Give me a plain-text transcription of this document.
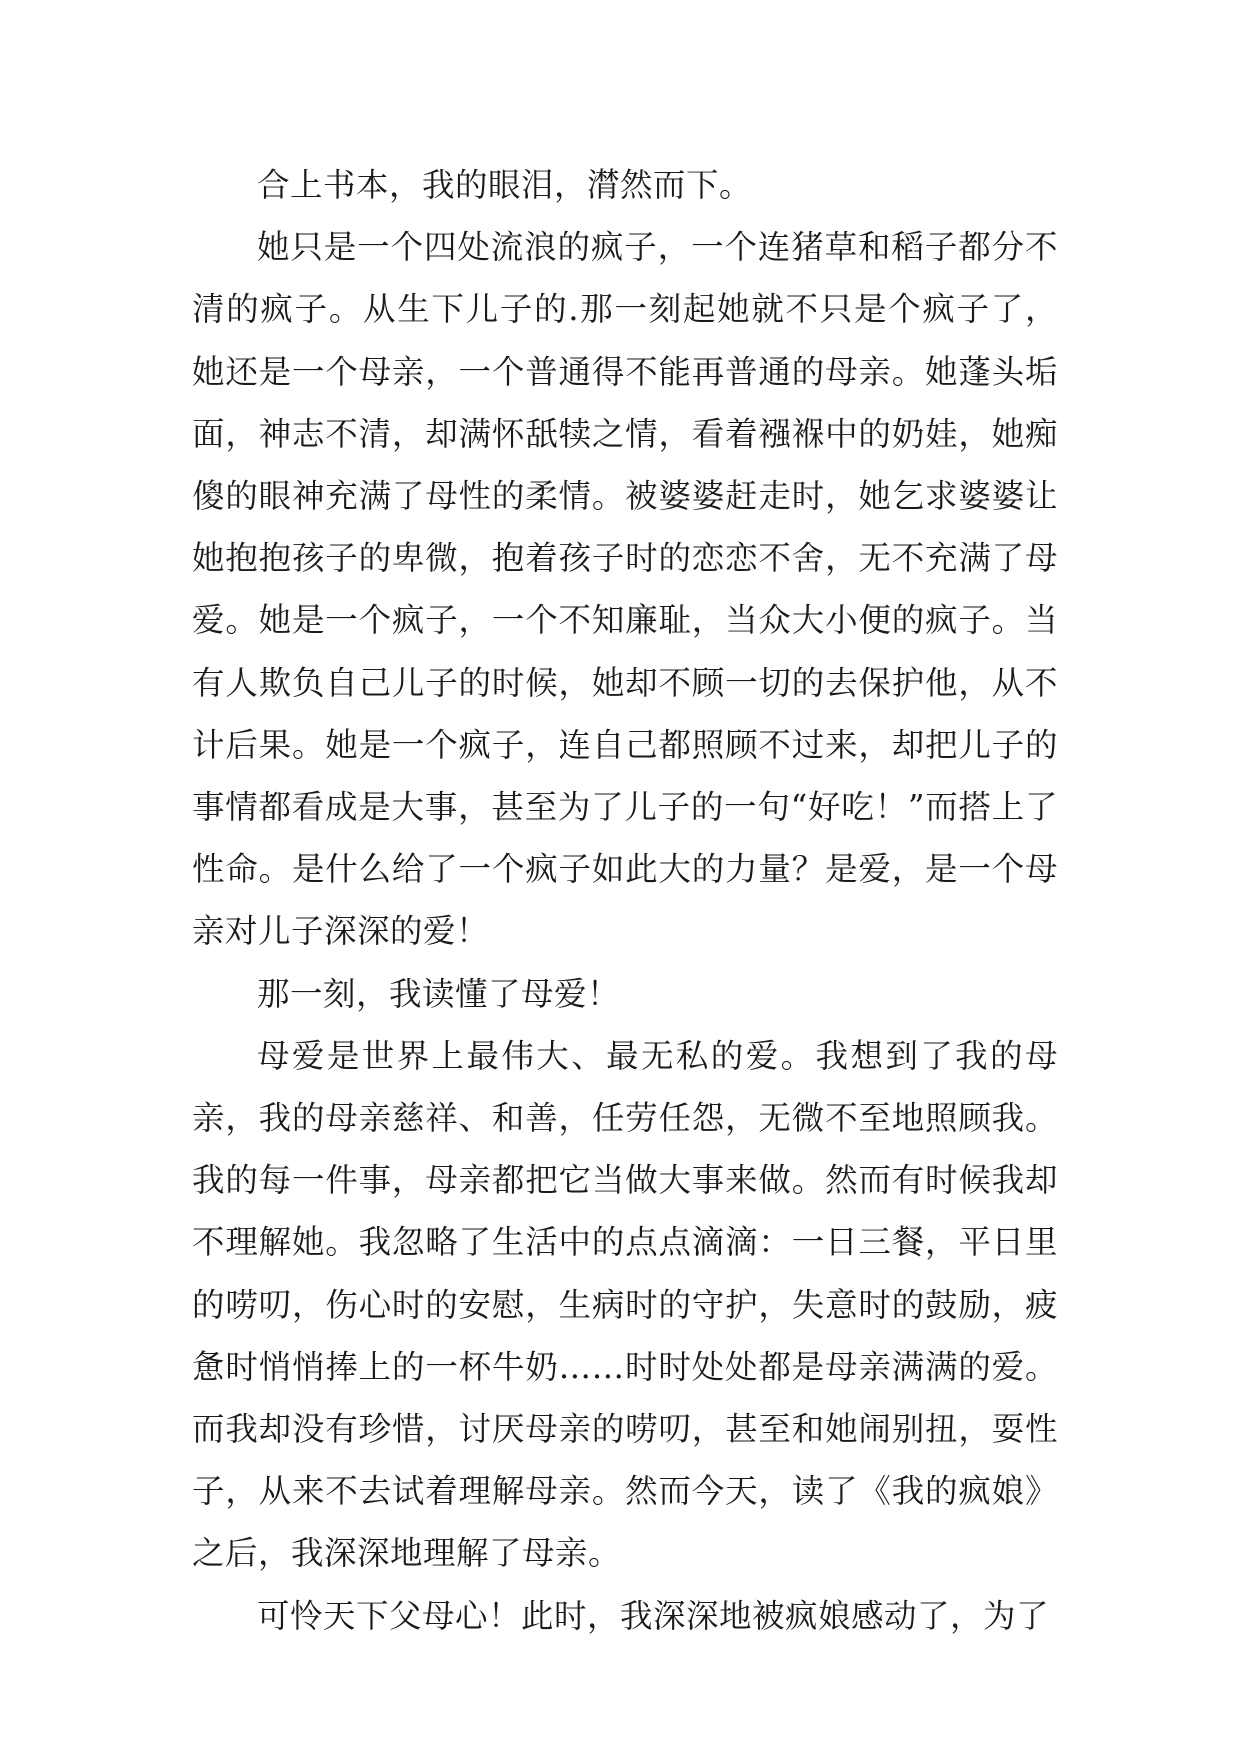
合上书本，我的眼泪，潸然而下。

她只是一个四处流浪的疯子，一个连猪草和稻子都分不清的疯子。从生下儿子的.那一刻起她就不只是个疯子了，她还是一个母亲，一个普通得不能再普通的母亲。她蓬头垢面，神志不清，却满怀舐犊之情，看着襁褓中的奶娃，她痴傻的眼神充满了母性的柔情。被婆婆赶走时，她乞求婆婆让她抱抱孩子的卑微，抱着孩子时的恋恋不舍，无不充满了母爱。她是一个疯子，一个不知廉耻，当众大小便的疯子。当有人欺负自己儿子的时候，她却不顾一切的去保护他，从不计后果。她是一个疯子，连自己都照顾不过来，却把儿子的事情都看成是大事，甚至为了儿子的一句“好吃！”而搭上了性命。是什么给了一个疯子如此大的力量？是爱，是一个母亲对儿子深深的爱！

那一刻，我读懂了母爱！

母爱是世界上最伟大、最无私的爱。我想到了我的母亲，我的母亲慈祥、和善，任劳任怨，无微不至地照顾我。我的每一件事，母亲都把它当做大事来做。然而有时候我却不理解她。我忽略了生活中的点点滴滴：一日三餐，平日里的唠叨，伤心时的安慰，生病时的守护，失意时的鼓励，疲惫时悄悄捧上的一杯牛奶……时时处处都是母亲满满的爱。而我却没有珍惜，讨厌母亲的唠叨，甚至和她闹别扭，耍性子，从来不去试着理解母亲。然而今天，读了《我的疯娘》之后，我深深地理解了母亲。

可怜天下父母心！此时，我深深地被疯娘感动了，为了
